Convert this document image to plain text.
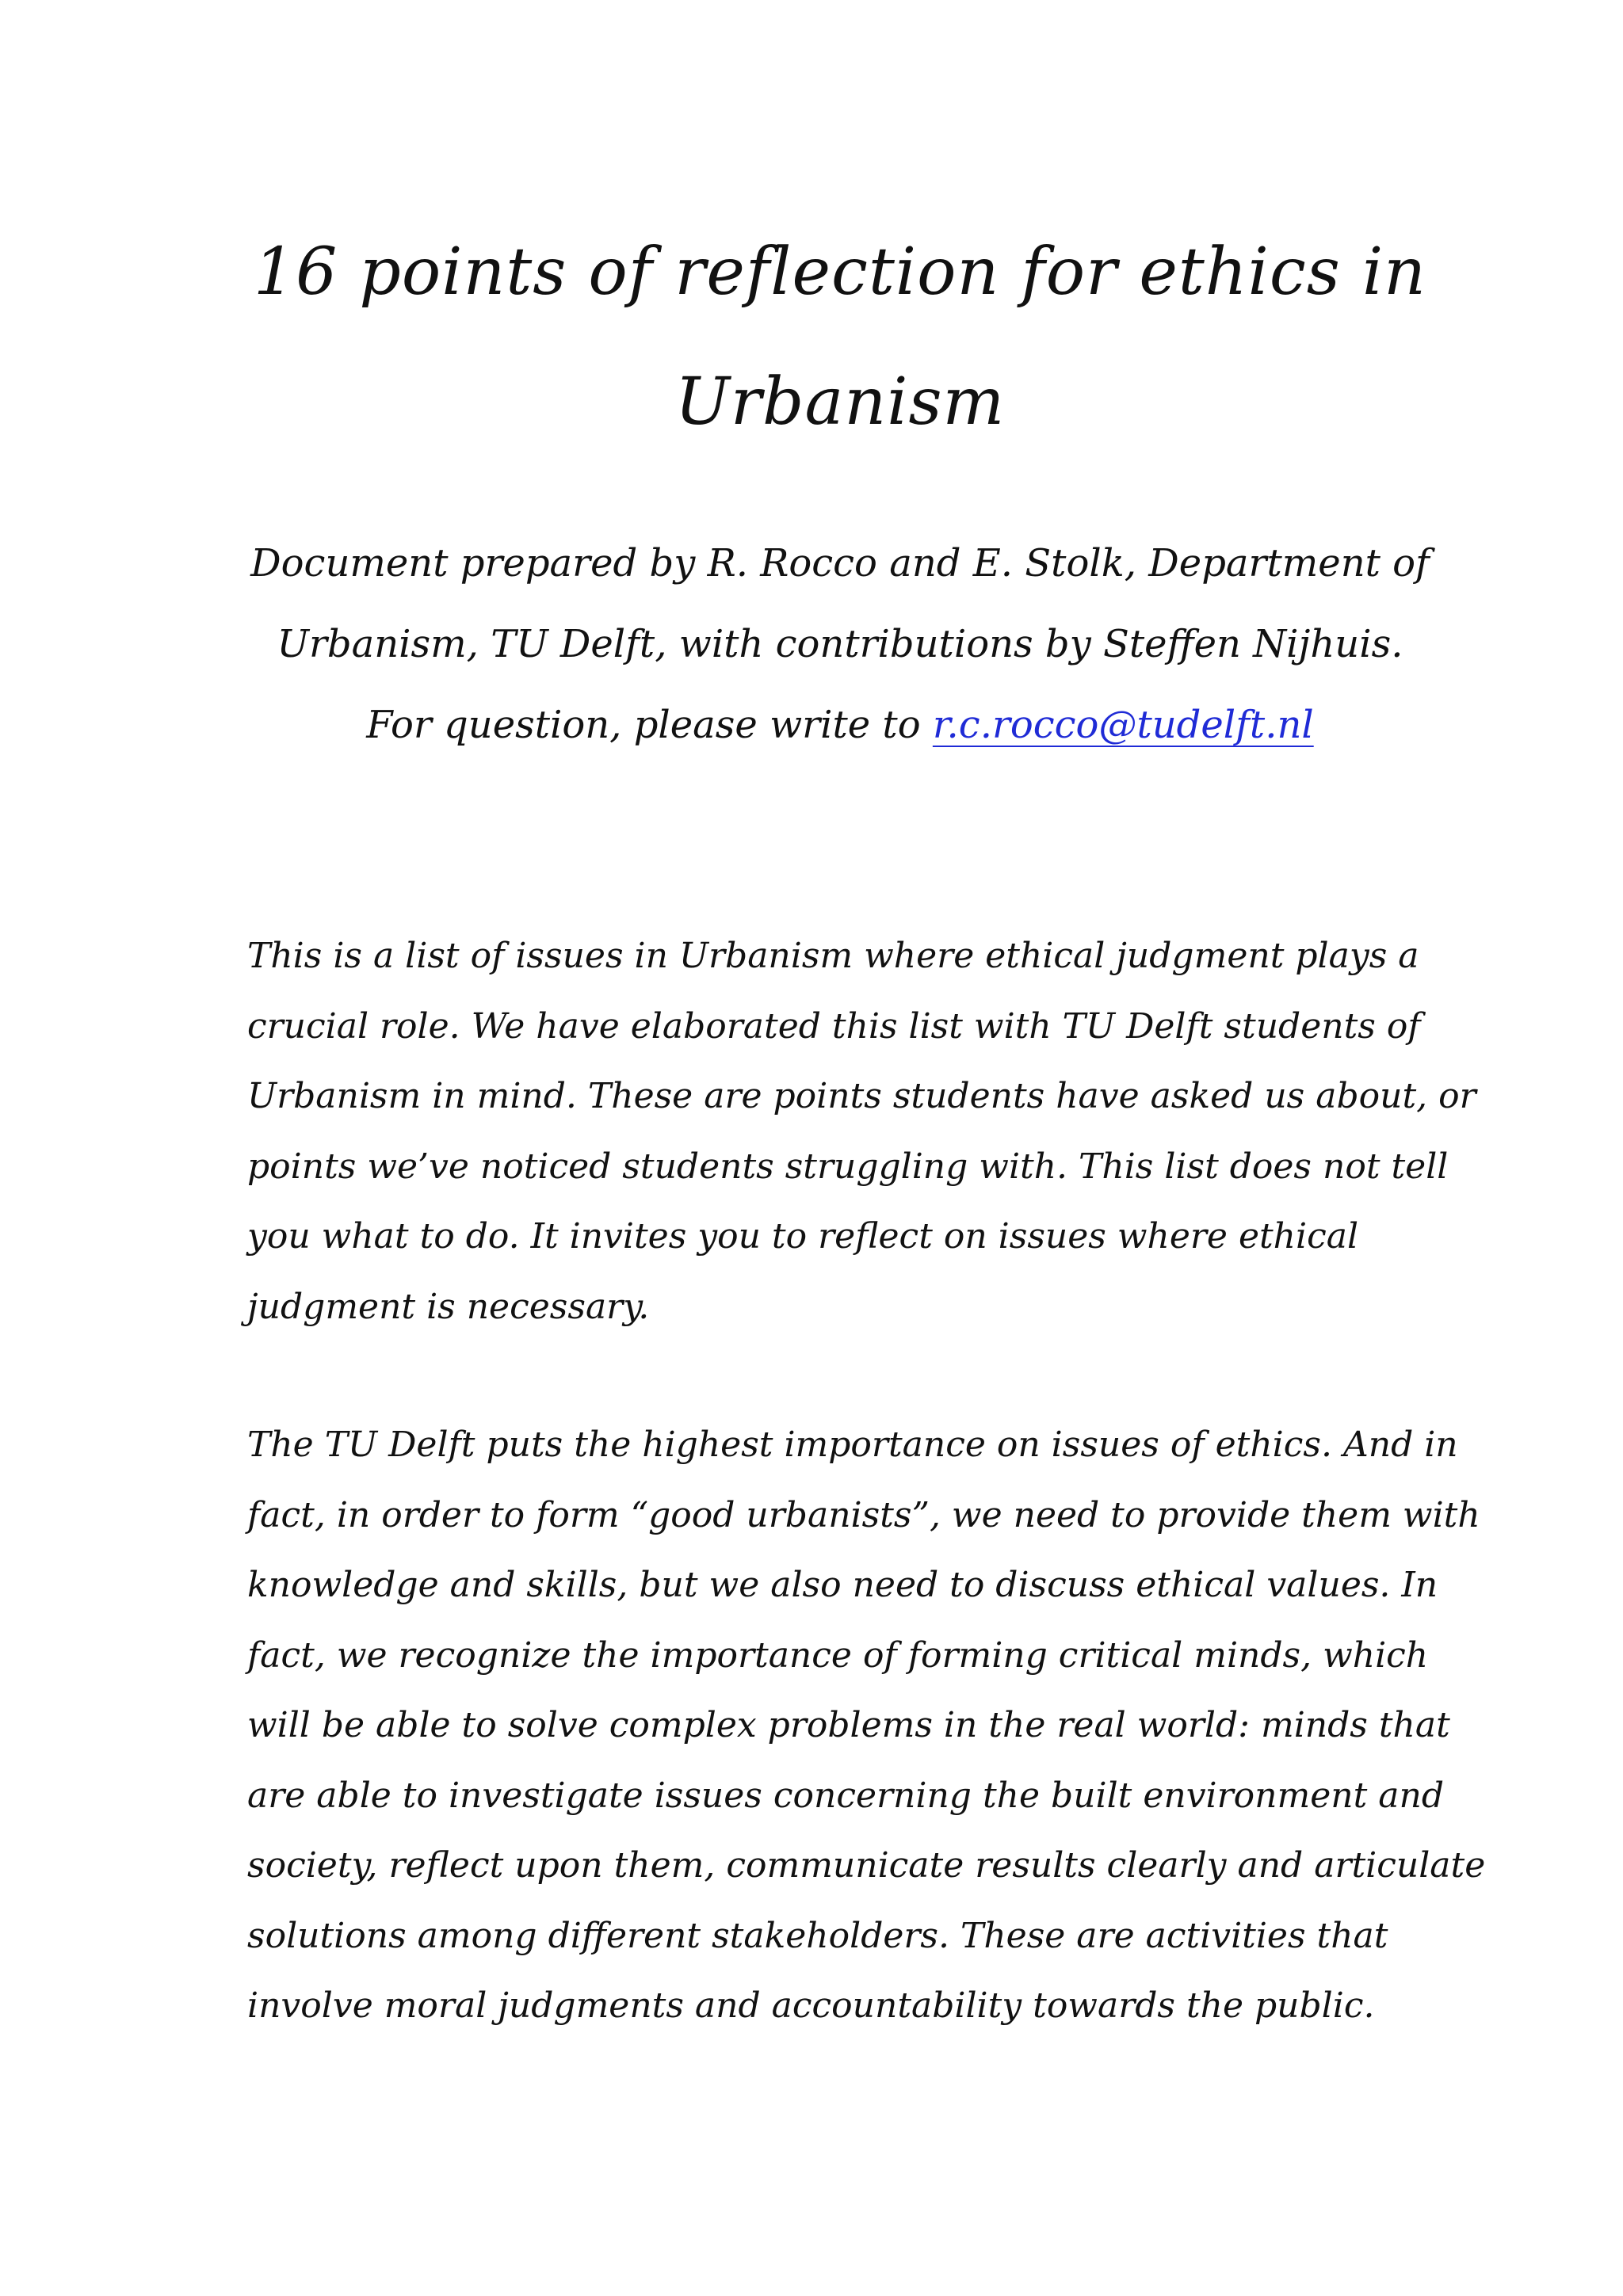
16 points of reflection for ethics in
Urbanism

Document prepared by R. Rocco and E. Stolk, Department of
Urbanism, TU Delft, with contributions by Steffen Nijhuis.
For question, please write to r.c.rocco@tudelft.nl

This is a list of issues in Urbanism where ethical judgment plays a
crucial role. We have elaborated this list with TU Delft students of
Urbanism in mind. These are points students have asked us about, or
points we’ve noticed students struggling with. This list does not tell
you what to do. It invites you to reflect on issues where ethical
judgment is necessary.

The TU Delft puts the highest importance on issues of ethics. And in
fact, in order to form “good urbanists”, we need to provide them with
knowledge and skills, but we also need to discuss ethical values. In
fact, we recognize the importance of forming critical minds, which
will be able to solve complex problems in the real world: minds that
are able to investigate issues concerning the built environment and
society, reflect upon them, communicate results clearly and articulate
solutions among different stakeholders. These are activities that
involve moral judgments and accountability towards the public.
